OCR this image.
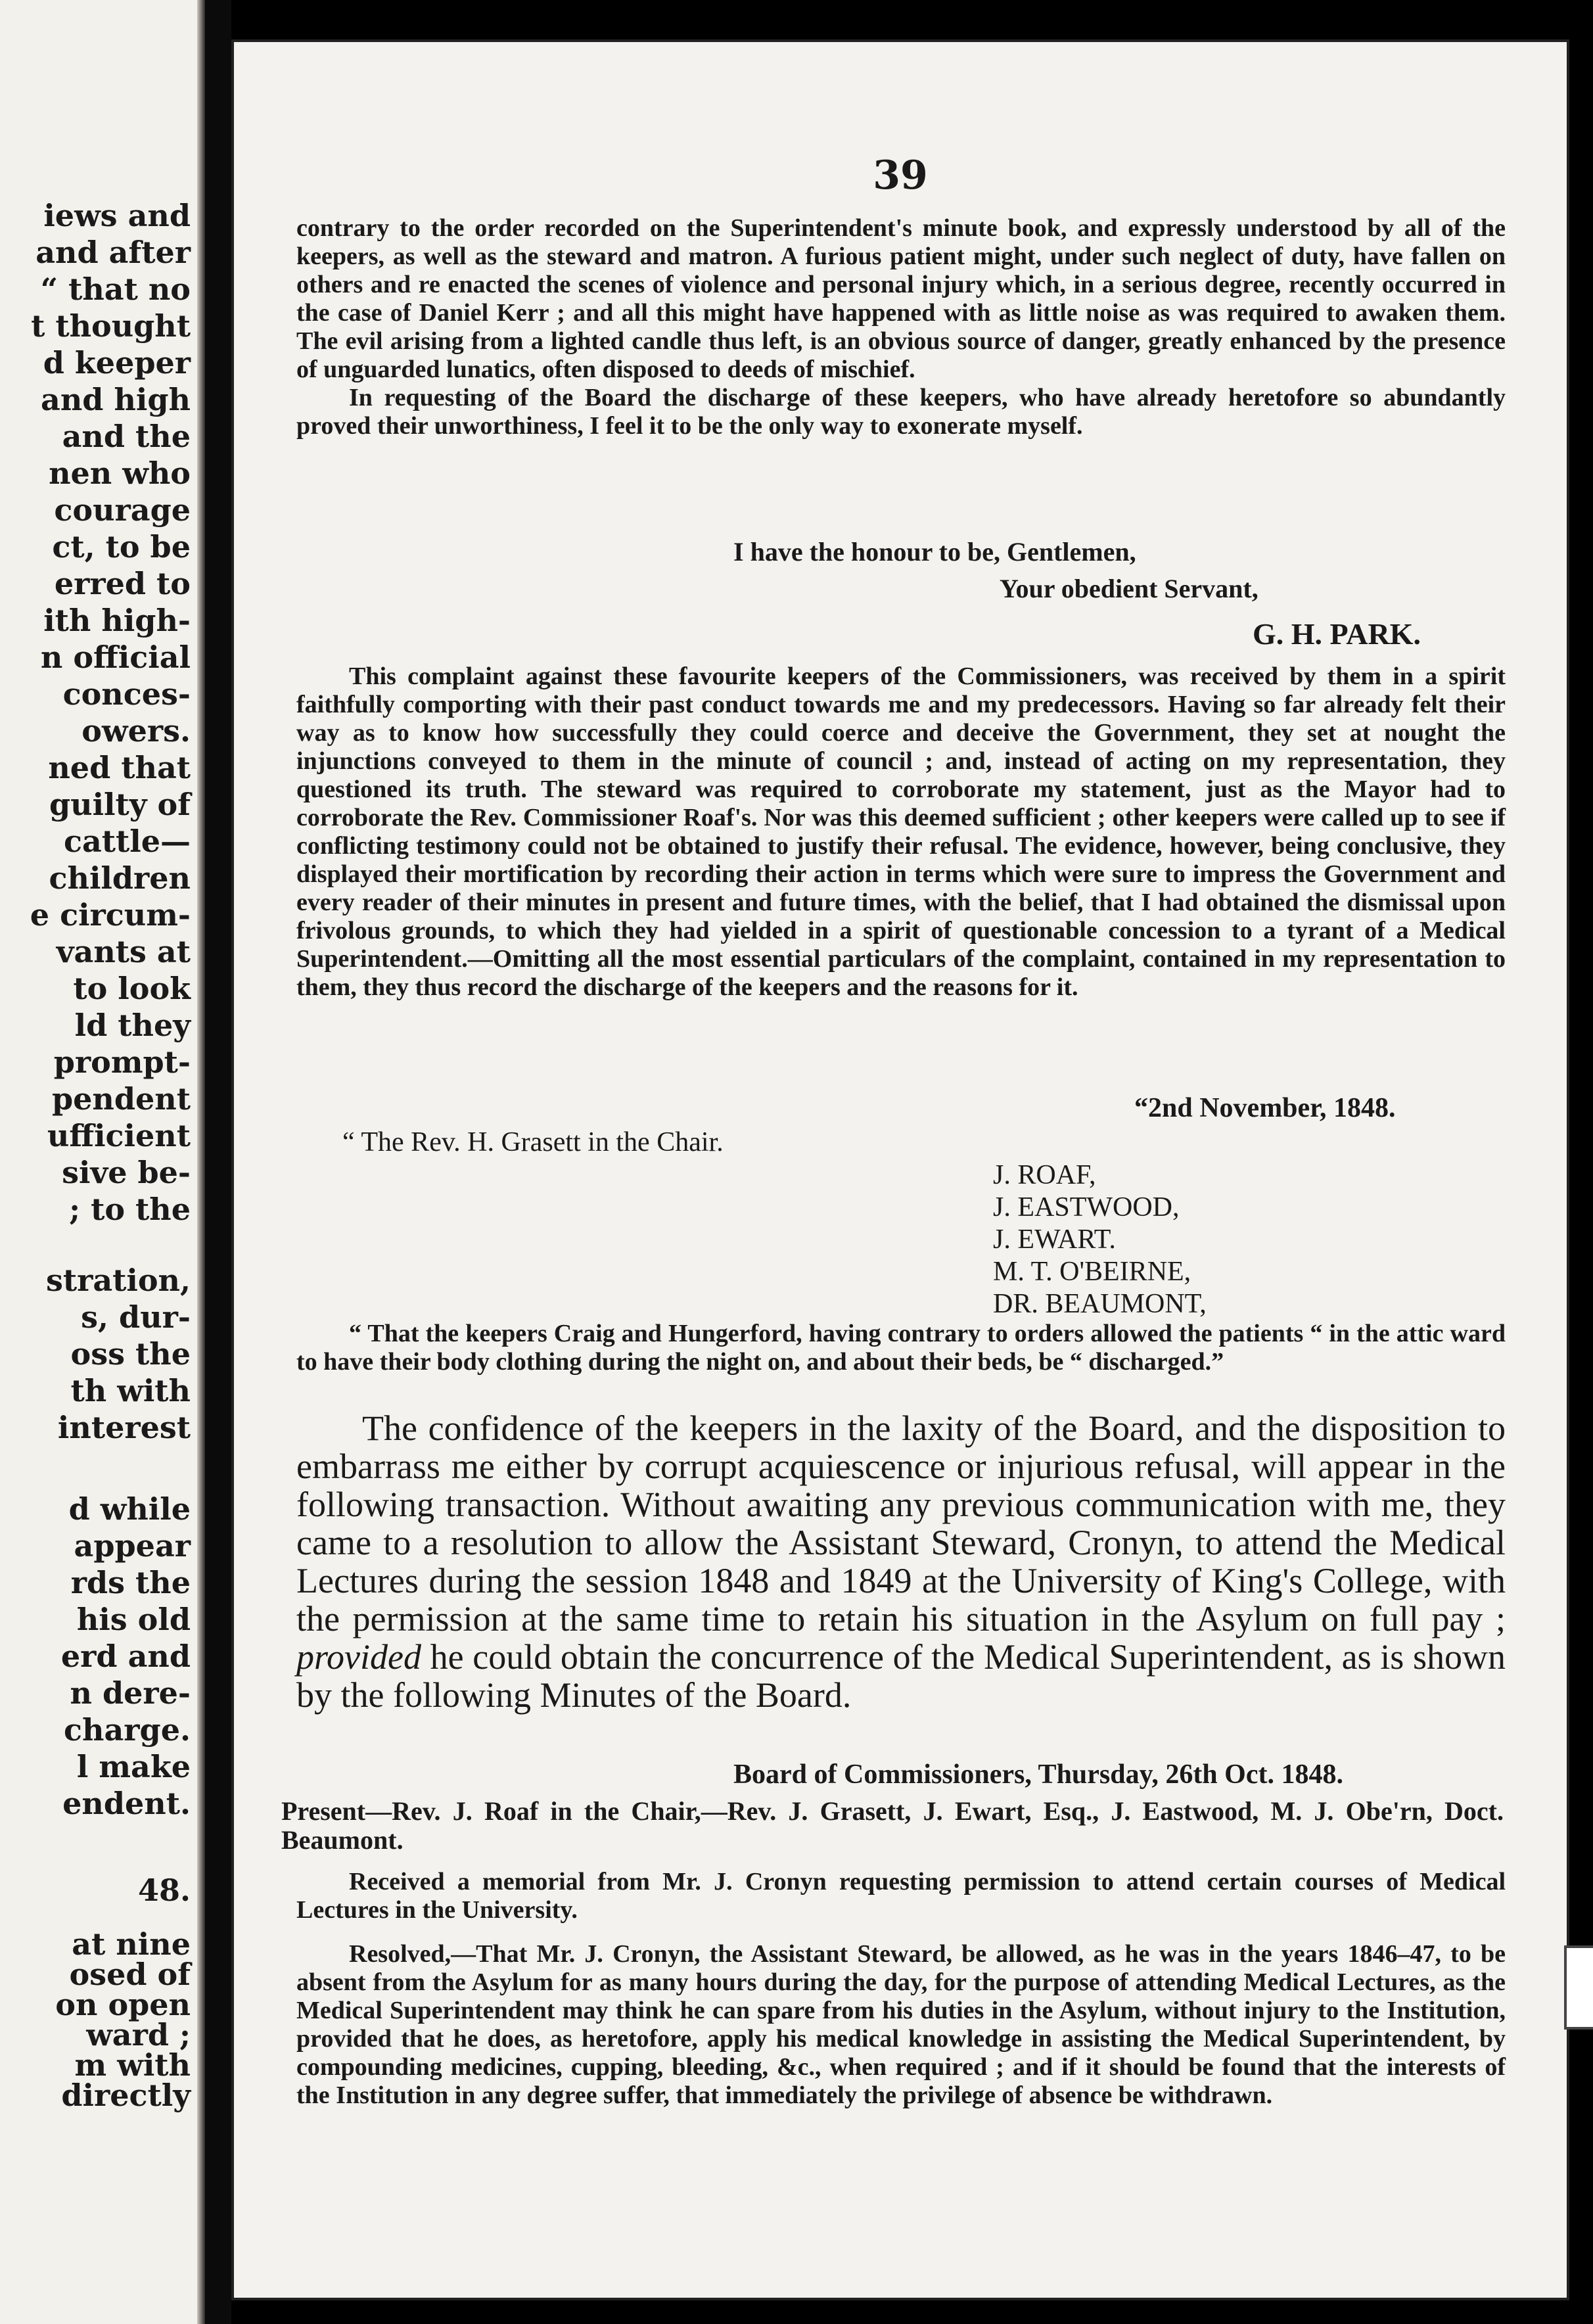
iews and
and after
“ that no
t thought
d keeper
and high
and the
nen who
courage
ct, to be
erred to
ith high-
n official
conces-
owers.
ned that
guilty of
cattle—
children
e circum-
vants at
to look
ld they
prompt-
pendent
ufficient
sive be-
; to the
stration,
s, dur-
oss the
th with
interest
d while
appear
rds the
his old
erd and
n dere-
charge.
l make
endent.
48.
at nine
osed of
on open
ward ;
m with
directly
39

contrary to the order recorded on the Superintendent's minute book, and expressly understood by all of the keepers, as well as the steward and matron. A furious patient might, under such neglect of duty, have fallen on others and re enacted the scenes of violence and personal injury which, in a serious degree, recently occurred in the case of Daniel Kerr ; and all this might have happened with as little noise as was required to awaken them. The evil arising from a lighted candle thus left, is an obvious source of danger, greatly enhanced by the presence of unguarded lunatics, often disposed to deeds of mischief.

In requesting of the Board the discharge of these keepers, who have already heretofore so abundantly proved their unworthiness, I feel it to be the only way to exonerate myself.

I have the honour to be, Gentlemen,
Your obedient Servant,
G. H. PARK.

This complaint against these favourite keepers of the Commissioners, was received by them in a spirit faithfully comporting with their past conduct towards me and my predecessors. Having so far already felt their way as to know how successfully they could coerce and deceive the Government, they set at nought the injunctions conveyed to them in the minute of council ; and, instead of acting on my representation, they questioned its truth. The steward was required to corroborate my statement, just as the Mayor had to corroborate the Rev. Commissioner Roaf's. Nor was this deemed sufficient ; other keepers were called up to see if conflicting testimony could not be obtained to justify their refusal. The evidence, however, being conclusive, they displayed their mortification by recording their action in terms which were sure to impress the Government and every reader of their minutes in present and future times, with the belief, that I had obtained the dismissal upon frivolous grounds, to which they had yielded in a spirit of questionable concession to a tyrant of a Medical Superintendent.—Omitting all the most essential particulars of the complaint, contained in my representation to them, they thus record the discharge of the keepers and the reasons for it.

“2nd November, 1848.
“ The Rev. H. Grasett in the Chair.
J. ROAF,
J. EASTWOOD,
J. EWART.
M. T. O'BEIRNE,
DR. BEAUMONT,

“ That the keepers Craig and Hungerford, having contrary to orders allowed the patients “ in the attic ward to have their body clothing during the night on, and about their beds, be “ discharged.”

The confidence of the keepers in the laxity of the Board, and the disposition to embarrass me either by corrupt acquiescence or injurious refusal, will appear in the following transaction. Without awaiting any previous communication with me, they came to a resolution to allow the Assistant Steward, Cronyn, to attend the Medical Lectures during the session 1848 and 1849 at the University of King's College, with the permission at the same time to retain his situation in the Asylum on full pay ; provided he could obtain the concurrence of the Medical Superintendent, as is shown by the following Minutes of the Board.

Board of Commissioners, Thursday, 26th Oct. 1848.

Present—Rev. J. Roaf in the Chair,—Rev. J. Grasett, J. Ewart, Esq., J. Eastwood, M. J. Obe'rn, Doct. Beaumont.

Received a memorial from Mr. J. Cronyn requesting permission to attend certain courses of Medical Lectures in the University.

Resolved,—That Mr. J. Cronyn, the Assistant Steward, be allowed, as he was in the years 1846–47, to be absent from the Asylum for as many hours during the day, for the purpose of attending Medical Lectures, as the Medical Superintendent may think he can spare from his duties in the Asylum, without injury to the Institution, provided that he does, as heretofore, apply his medical knowledge in assisting the Medical Superintendent, by compounding medicines, cupping, bleeding, &c., when required ; and if it should be found that the interests of the Institution in any degree suffer, that immediately the privilege of absence be withdrawn.
